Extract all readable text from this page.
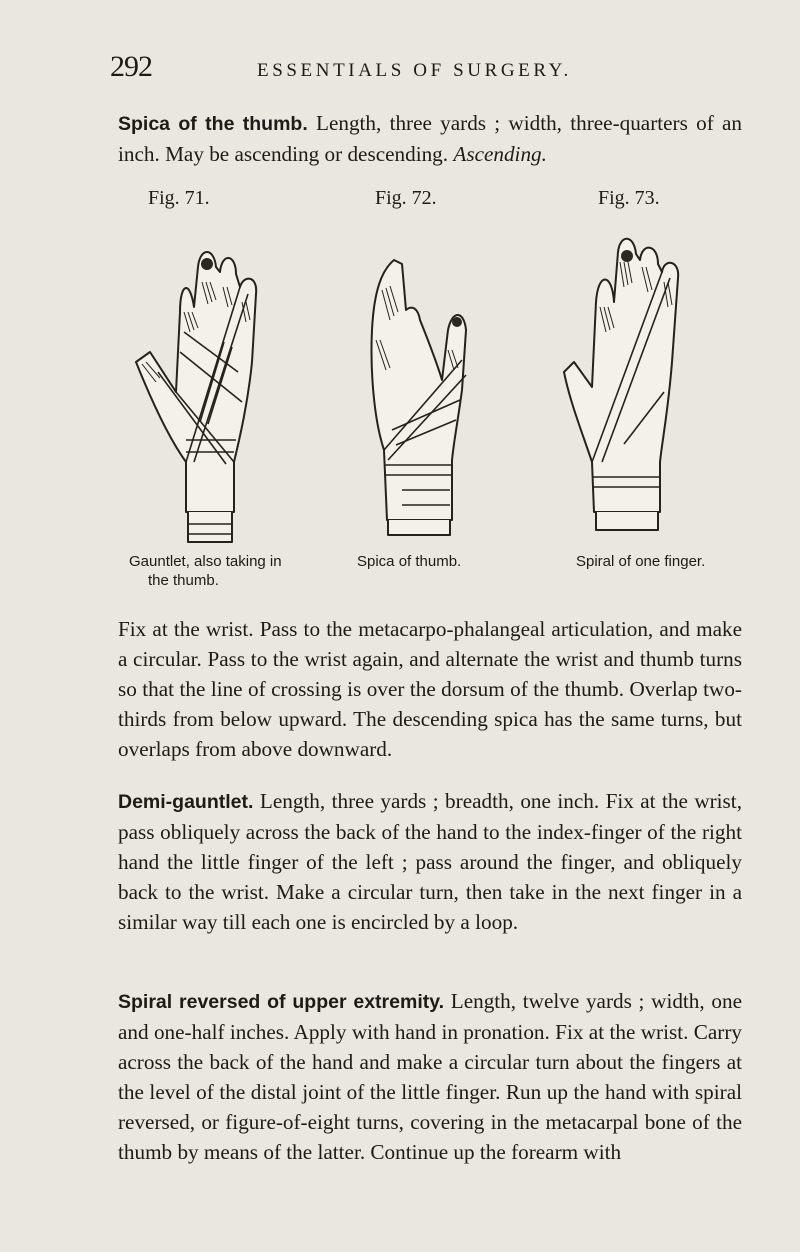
292	ESSENTIALS OF SURGERY.

Spica of the thumb. Length, three yards ; width, three-quarters of an inch. May be ascending or descending. Ascending.

Fig. 71.	Fig. 72.	Fig. 73.
Gauntlet, also taking in
the thumb.
Spica of thumb.	Spiral of one finger.

Fix at the wrist. Pass to the metacarpo-phalangeal articulation, and make a circular. Pass to the wrist again, and alternate the wrist and thumb turns so that the line of crossing is over the dorsum of the thumb. Overlap two-thirds from below upward. The descending spica has the same turns, but overlaps from above downward.

Demi-gauntlet. Length, three yards ; breadth, one inch. Fix at the wrist, pass obliquely across the back of the hand to the index-finger of the right hand the little finger of the left ; pass around the finger, and obliquely back to the wrist. Make a circular turn, then take in the next finger in a similar way till each one is encircled by a loop.

Spiral reversed of upper extremity. Length, twelve yards ; width, one and one-half inches. Apply with hand in pronation. Fix at the wrist. Carry across the back of the hand and make a circular turn about the fingers at the level of the distal joint of the little finger. Run up the hand with spiral reversed, or figure-of-eight turns, covering in the metacarpal bone of the thumb by means of the latter. Continue up the forearm with
